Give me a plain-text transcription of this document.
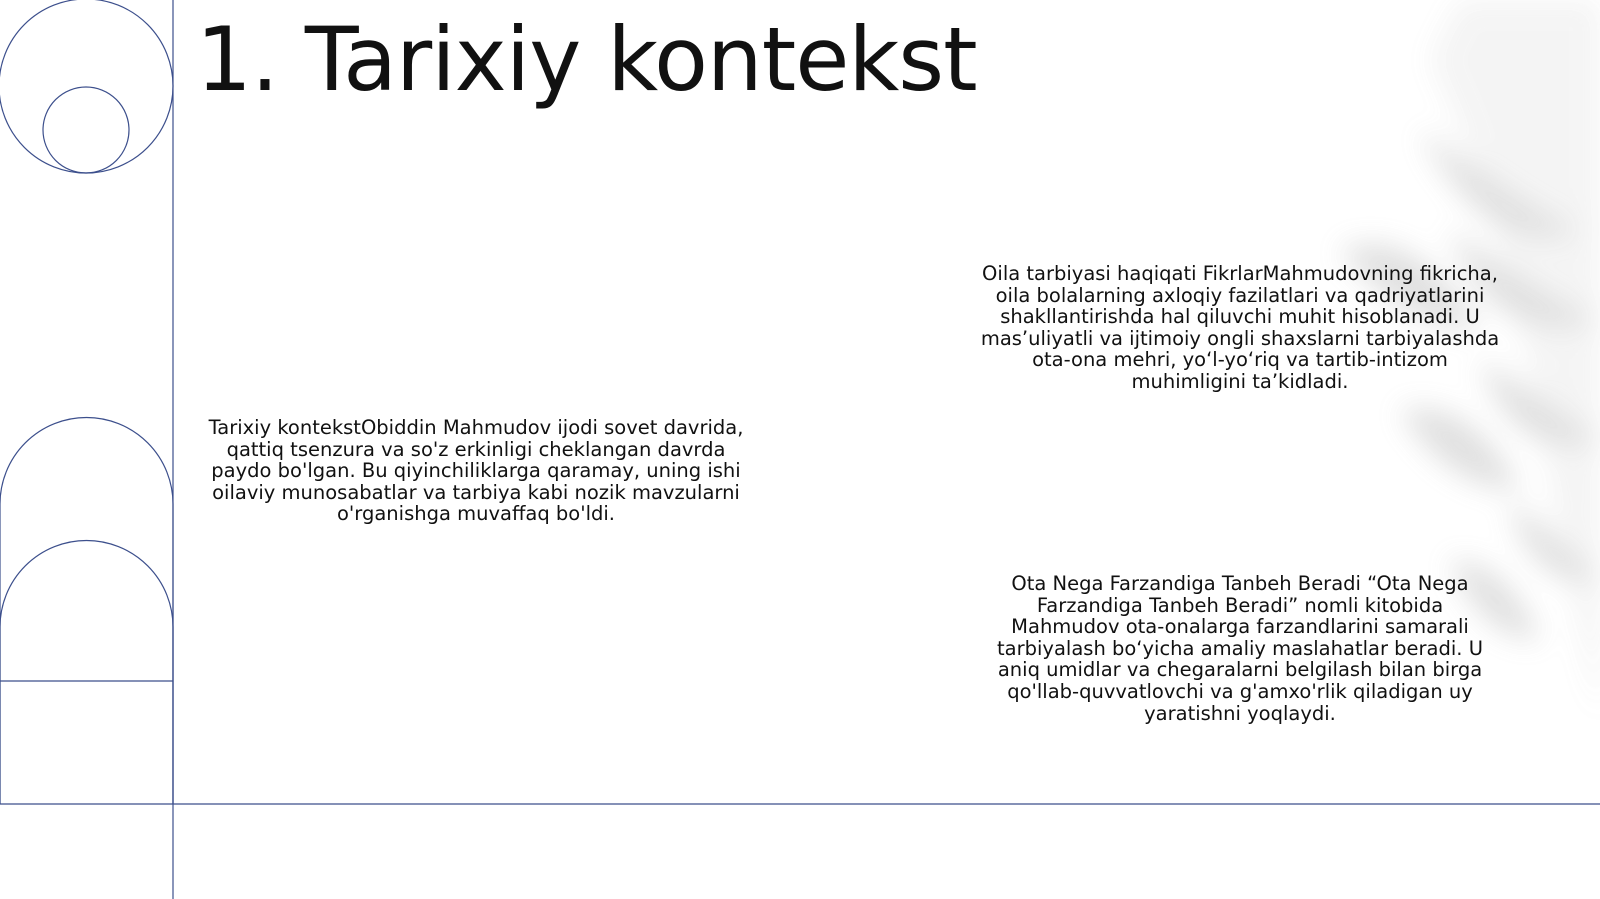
1. Tarixiy kontekst

Tarixiy kontekstObiddin Mahmudov ijodi sovet davrida, qattiq tsenzura va so'z erkinligi cheklangan davrda paydo bo'lgan. Bu qiyinchiliklarga qaramay, uning ishi oilaviy munosabatlar va tarbiya kabi nozik mavzularni o'rganishga muvaffaq bo'ldi.

Oila tarbiyasi haqiqati FikrlarMahmudovning fikricha, oila bolalarning axloqiy fazilatlari va qadriyatlarini shakllantirishda hal qiluvchi muhit hisoblanadi. U mas’uliyatli va ijtimoiy ongli shaxslarni tarbiyalashda ota-ona mehri, yo‘l-yo‘riq va tartib-intizom muhimligini ta’kidladi.

Ota Nega Farzandiga Tanbeh Beradi “Ota Nega Farzandiga Tanbeh Beradi” nomli kitobida Mahmudov ota-onalarga farzandlarini samarali tarbiyalash bo‘yicha amaliy maslahatlar beradi. U aniq umidlar va chegaralarni belgilash bilan birga qo'llab-quvvatlovchi va g'amxo'rlik qiladigan uy yaratishni yoqlaydi.
